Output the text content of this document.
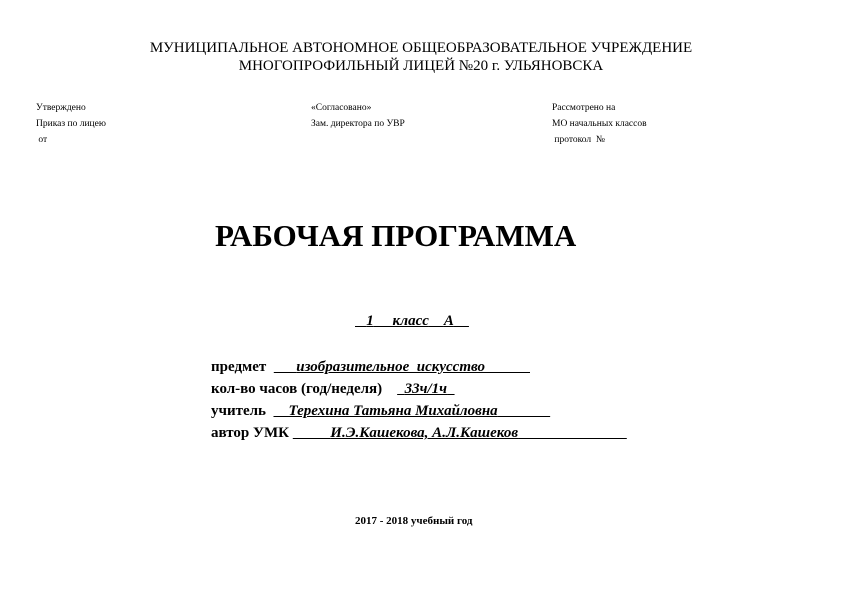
МУНИЦИПАЛЬНОЕ АВТОНОМНОЕ ОБЩЕОБРАЗОВАТЕЛЬНОЕ УЧРЕЖДЕНИЕ
МНОГОПРОФИЛЬНЫЙ ЛИЦЕЙ №20 г. УЛЬЯНОВСКА
Утверждено
Приказ по лицею
от
«Согласовано»
Зам. директора по УВР
Рассмотрено на
МО начальных классов
протокол  №
РАБОЧАЯ ПРОГРАММА
1 класс А
предмет изобразительное  искусство
кол-во часов (год/неделя) 33ч/1ч
учитель Терехина Татьяна Михайловна
автор УМК	И.Э.Кашекова, А.Л.Кашеков
2017 - 2018 учебный год
